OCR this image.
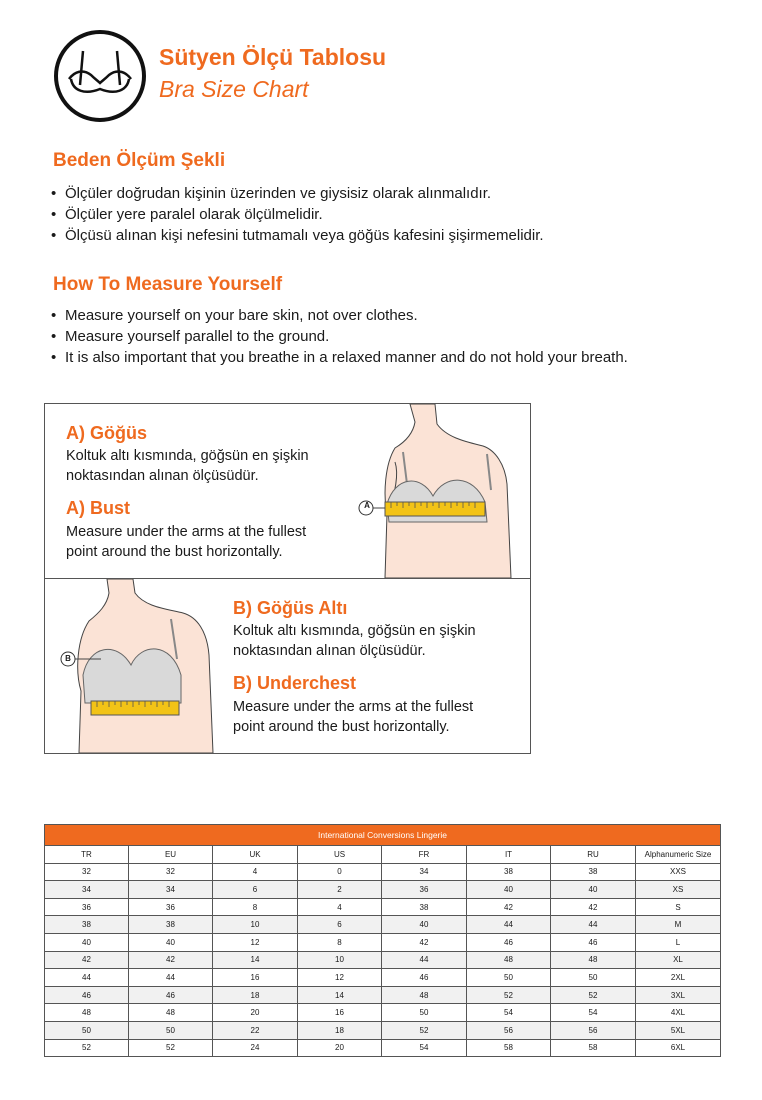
Sütyen Ölçü Tablosu
Bra Size Chart
Beden Ölçüm Şekli
• Ölçüler doğrudan kişinin üzerinden ve giysisiz olarak alınmalıdır.
• Ölçüler yere paralel olarak ölçülmelidir.
• Ölçüsü alınan kişi nefesini tutmamalı veya göğüs kafesini şişirmemelidir.
How To Measure Yourself
• Measure yourself on your bare skin, not over clothes.
• Measure yourself parallel to the ground.
• It is also important that you breathe in a relaxed manner and do not hold your breath.
A) Göğüs
Koltuk altı kısmında, göğsün en şişkin
noktasından alınan ölçüsüdür.
A) Bust
Measure under the arms at the fullest
point around the bust horizontally.
A
B
B) Göğüs Altı
Koltuk altı kısmında, göğsün en şişkin
noktasından alınan ölçüsüdür.
B) Underchest
Measure under the arms at the fullest
point around the bust horizontally.
International Conversions Lingerie							
TR	EU	UK	US	FR	IT	RU	Alphanumeric Size
32	32	4	0	34	38	38	XXS
34	34	6	2	36	40	40	XS
36	36	8	4	38	42	42	S
38	38	10	6	40	44	44	M
40	40	12	8	42	46	46	L
42	42	14	10	44	48	48	XL
44	44	16	12	46	50	50	2XL
46	46	18	14	48	52	52	3XL
48	48	20	16	50	54	54	4XL
50	50	22	18	52	56	56	5XL
52	52	24	20	54	58	58	6XL
